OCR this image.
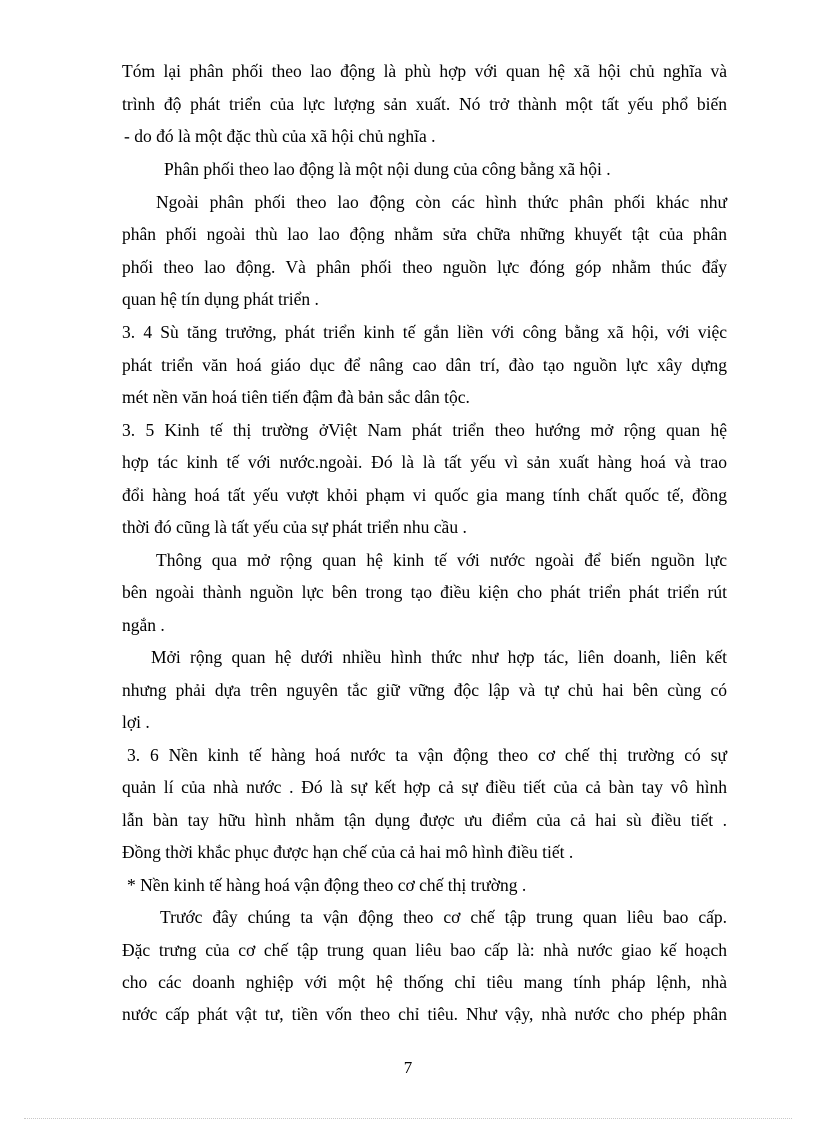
Tóm lại phân phối theo lao động là phù hợp với quan hệ xã hội chủ nghĩa và
trình độ phát triển của lực lượng sản xuất. Nó trở thành một tất yếu phổ biến
- do đó là một đặc thù của xã hội chủ nghĩa .
Phân phối theo lao động là một nội dung của công bằng xã hội .
Ngoài phân phối theo lao động còn các hình thức phân phối khác như
phân phối ngoài thù lao lao động nhằm sửa chữa những khuyết tật của phân
phối theo lao động. Và phân phối theo nguồn lực đóng góp nhằm thúc đẩy
quan hệ tín dụng phát triển .
3. 4 Sù tăng trưởng, phát triển kinh tế gắn liền với công bằng xã hội, với việc
phát triển văn hoá giáo dục để nâng cao dân trí, đào tạo nguồn lực xây dựng
mét nền văn hoá tiên tiến đậm đà bản sắc dân tộc.
3. 5 Kinh tế thị trường ởViệt Nam phát triển theo hướng mở rộng quan hệ
hợp tác kinh tế với nước.ngoài. Đó là là tất yếu vì sản xuất hàng hoá và trao
đổi hàng hoá tất yếu vượt khỏi phạm vi quốc gia mang tính chất quốc tế, đồng
thời đó cũng là tất yếu của sự phát triển nhu cầu .
Thông qua mở rộng quan hệ kinh tế với nước ngoài để biến nguồn lực
bên ngoài thành nguồn lực bên trong tạo điều kiện cho phát triển phát triển rút
ngắn .
Mởi rộng quan hệ dưới nhiều hình thức như hợp tác, liên doanh, liên kết
nhưng phải dựa trên nguyên tắc giữ vững độc lập và tự chủ hai bên cùng có
lợi .
3. 6 Nền kinh tế hàng hoá nước ta vận động theo cơ chế thị trường có sự
quản lí của nhà nước . Đó là sự kết hợp cả sự điều tiết của cả bàn tay vô hình
lẫn bàn tay hữu hình nhằm tận dụng được ưu điểm của cả hai sù điều tiết .
Đồng thời khắc phục được hạn chế của cả hai mô hình điều tiết .
* Nền kinh tế hàng hoá vận động theo cơ chế thị trường .
Trước đây chúng ta vận động theo cơ chế tập trung quan liêu bao cấp.
Đặc trưng của cơ chế tập trung quan liêu bao cấp là: nhà nước giao kế hoạch
cho các doanh nghiệp với một hệ thống chỉ tiêu mang tính pháp lệnh, nhà
nước cấp phát vật tư, tiền vốn theo chỉ tiêu. Như vậy, nhà nước cho phép phân
7
